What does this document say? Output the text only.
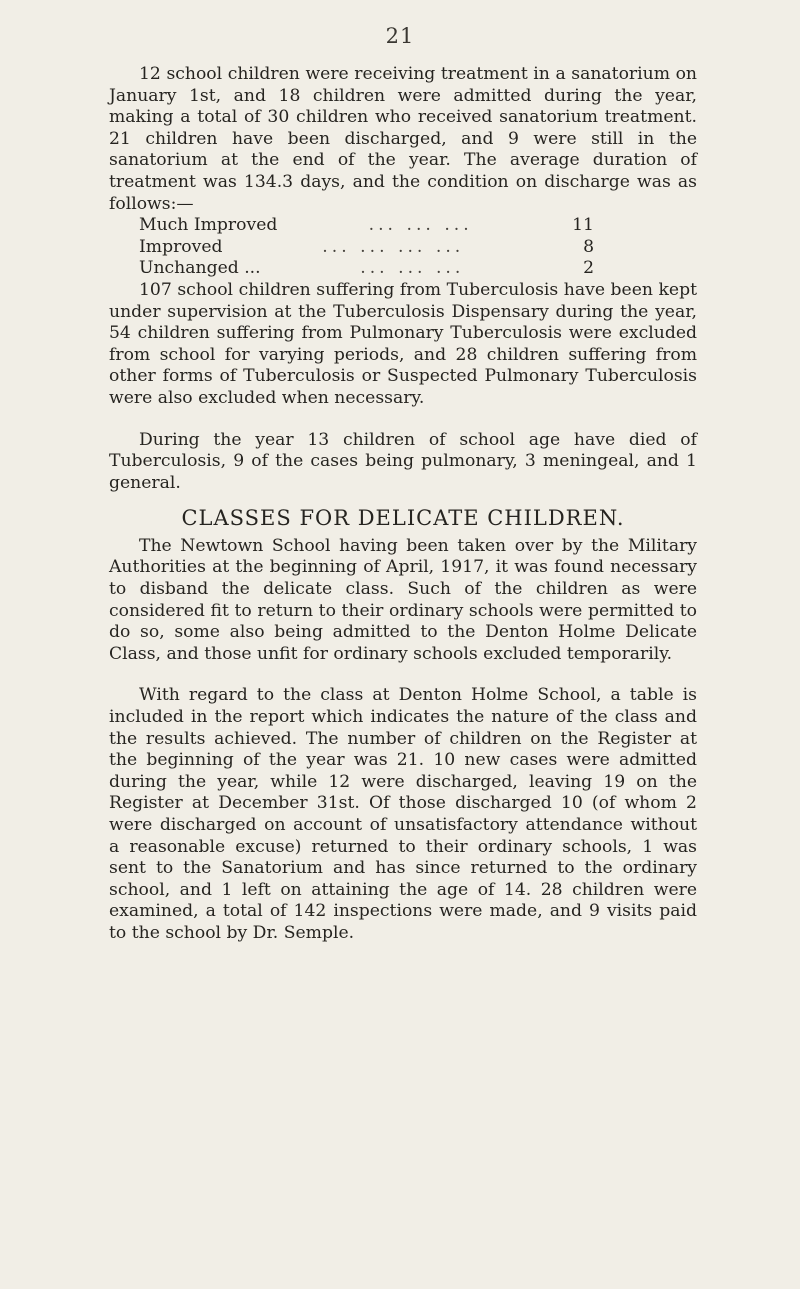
21

12 school children were receiving treatment in a sanatorium on January 1st, and 18 children were admitted during the year, making a total of 30 children who received sanatorium treatment. 21 children have been discharged, and 9 were still in the sanatorium at the end of the year. The average duration of treatment was 134.3 days, and the condition on discharge was as follows:—

Much Improved	... ... ...	11
Improved	... ... ... ...	8
Unchanged ...	... ... ...	2

107 school children suffering from Tuberculosis have been kept under supervision at the Tuberculosis Dispensary during the year, 54 children suffering from Pulmonary Tuberculosis were excluded from school for varying periods, and 28 children suffering from other forms of Tuberculosis or Suspected Pulmonary Tuberculosis were also excluded when necessary.

During the year 13 children of school age have died of Tuberculosis, 9 of the cases being pulmonary, 3 meningeal, and 1 general.

CLASSES FOR DELICATE CHILDREN.

The Newtown School having been taken over by the Military Authorities at the beginning of April, 1917, it was found necessary to disband the delicate class. Such of the children as were considered fit to return to their ordinary schools were permitted to do so, some also being admitted to the Denton Holme Delicate Class, and those unfit for ordinary schools excluded temporarily.

With regard to the class at Denton Holme School, a table is included in the report which indicates the nature of the class and the results achieved. The number of children on the Register at the beginning of the year was 21. 10 new cases were admitted during the year, while 12 were discharged, leaving 19 on the Register at December 31st. Of those discharged 10 (of whom 2 were discharged on account of unsatisfactory attendance without a reasonable excuse) returned to their ordinary schools, 1 was sent to the Sanatorium and has since returned to the ordinary school, and 1 left on attaining the age of 14. 28 children were examined, a total of 142 inspections were made, and 9 visits paid to the school by Dr. Semple.
